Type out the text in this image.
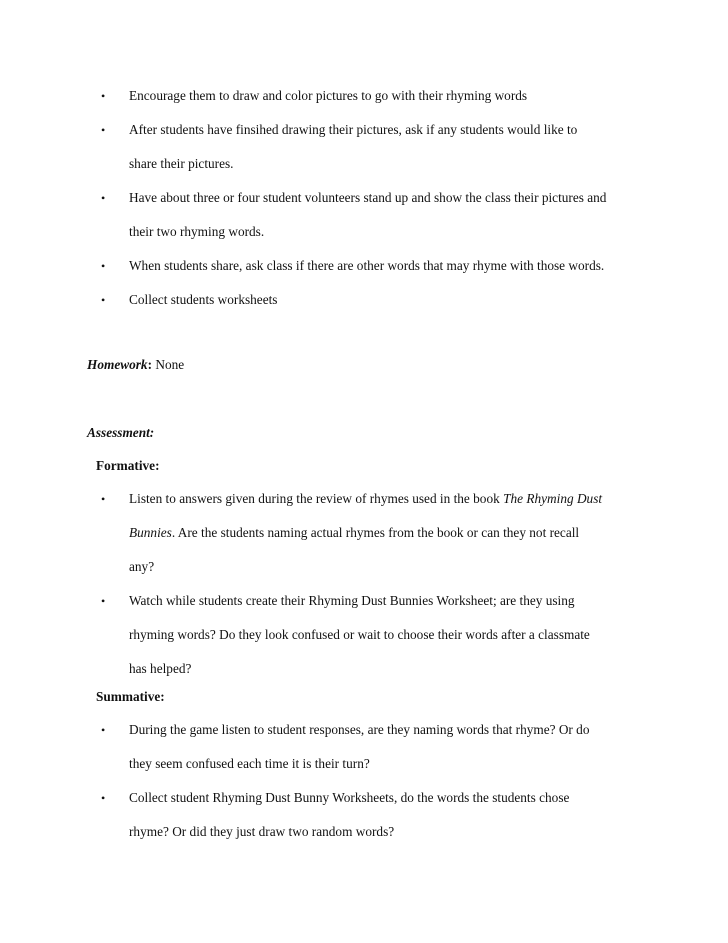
• Encourage them to draw and color pictures to go with their rhyming words
• After students have finsihed drawing their pictures, ask if any students would like to
share their pictures.
• Have about three or four student volunteers stand up and show the class their pictures and
their two rhyming words.
• When students share, ask class if there are other words that may rhyme with those words.
• Collect students worksheets
Homework: None
Assessment:
Formative:
• Listen to answers given during the review of rhymes used in the book The Rhyming Dust
Bunnies. Are the students naming actual rhymes from the book or can they not recall
any?
• Watch while students create their Rhyming Dust Bunnies Worksheet; are they using
rhyming words? Do they look confused or wait to choose their words after a classmate
has helped?
Summative:
• During the game listen to student responses, are they naming words that rhyme? Or do
they seem confused each time it is their turn?
• Collect student Rhyming Dust Bunny Worksheets, do the words the students chose
rhyme? Or did they just draw two random words?
